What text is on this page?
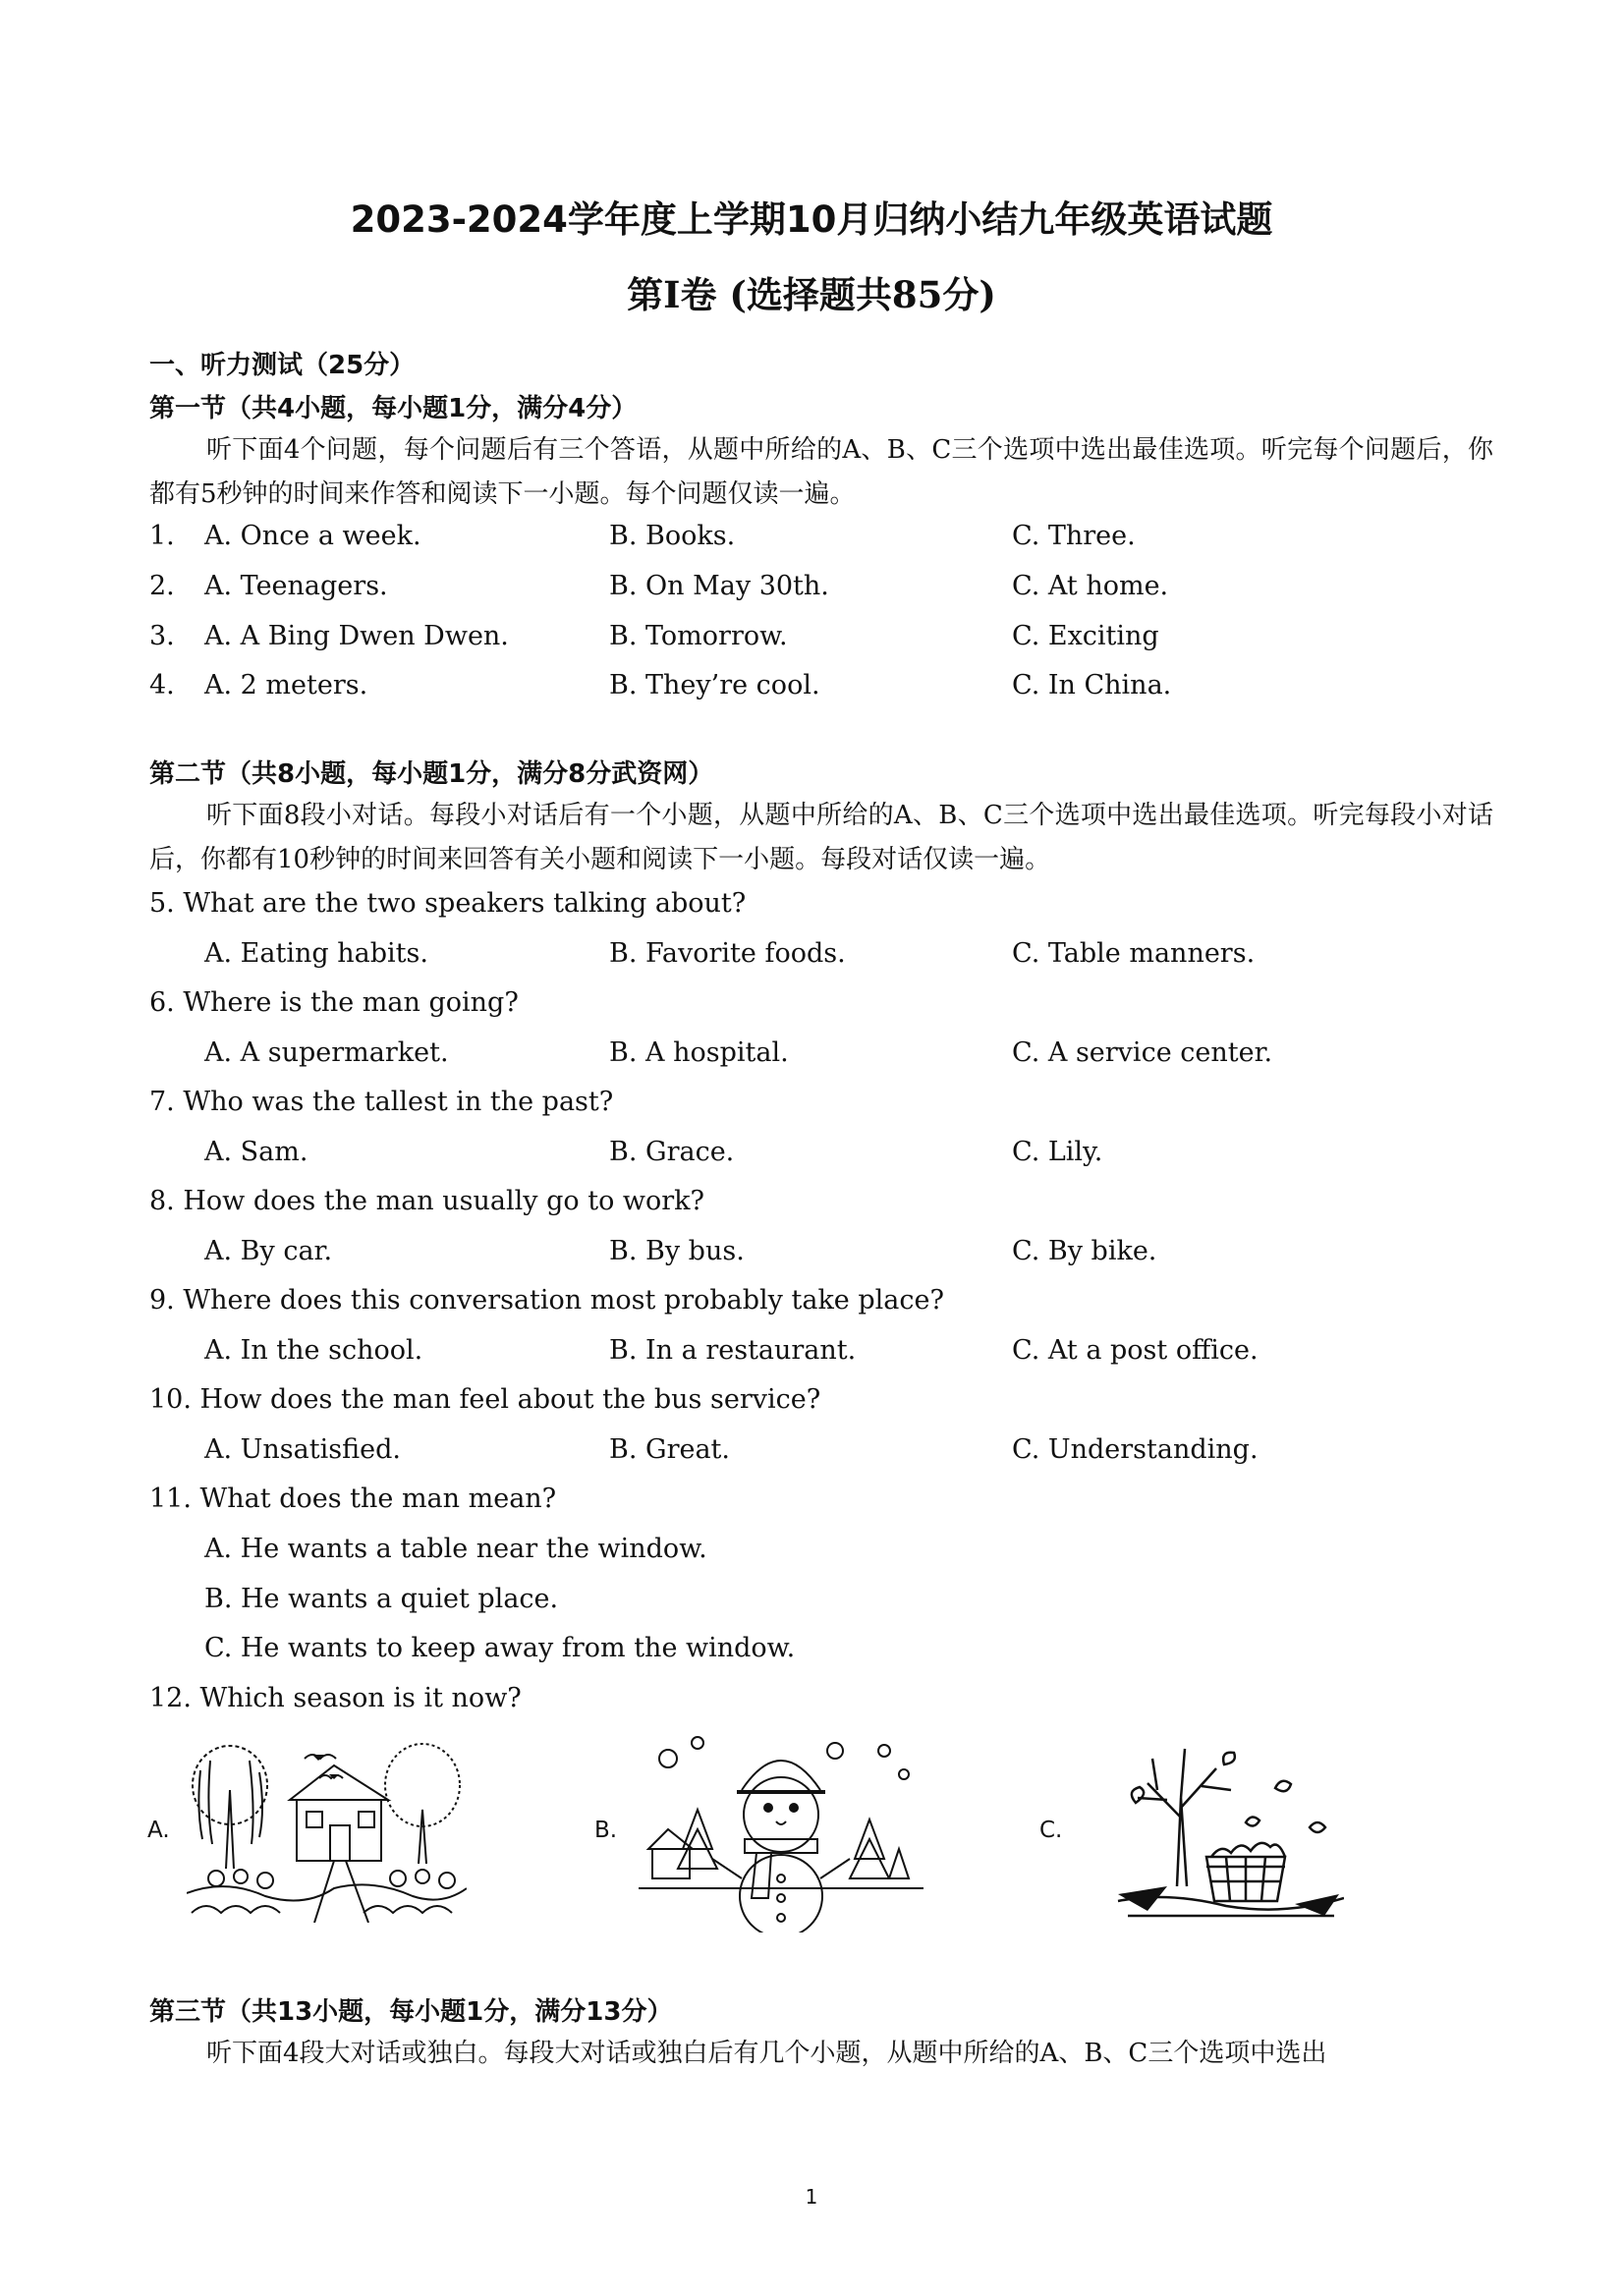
2023-2024学年度上学期10月归纳小结九年级英语试题
第I卷 (选择题共85分)
一、听力测试（25分）
第一节（共4小题，每小题1分，满分4分）
听下面4个问题，每个问题后有三个答语，从题中所给的A、B、C三个选项中选出最佳选项。听完每个问题后，你都有5秒钟的时间来作答和阅读下一小题。每个问题仅读一遍。
1. A. Once a week.	B. Books.	C. Three.
2. A. Teenagers.	B. On May 30th.	C. At home.
3. A. A Bing Dwen Dwen.	B. Tomorrow.	C. Exciting
4. A. 2 meters.	B. They’re cool.	C. In China.
第二节（共8小题，每小题1分，满分8分武资网）
听下面8段小对话。每段小对话后有一个小题，从题中所给的A、B、C三个选项中选出最佳选项。听完每段小对话后，你都有10秒钟的时间来回答有关小题和阅读下一小题。每段对话仅读一遍。
5. What are the two speakers talking about?
A. Eating habits.	B. Favorite foods.	C. Table manners.
6. Where is the man going?
A. A supermarket.	B. A hospital.	C. A service center.
7. Who was the tallest in the past?
A. Sam.	B. Grace.	C. Lily.
8. How does the man usually go to work?
A. By car.	B. By bus.	C. By bike.
9. Where does this conversation most probably take place?
A. In the school.	B. In a restaurant.	C. At a post office.
10. How does the man feel about the bus service?
A. Unsatisfied.	B. Great.	C. Understanding.
11. What does the man mean?
A. He wants a table near the window.
B. He wants a quiet place.
C. He wants to keep away from the window.
12. Which season is it now?
A.	B.	C.
第三节（共13小题，每小题1分，满分13分）
听下面4段大对话或独白。每段大对话或独白后有几个小题，从题中所给的A、B、C三个选项中选出
1
